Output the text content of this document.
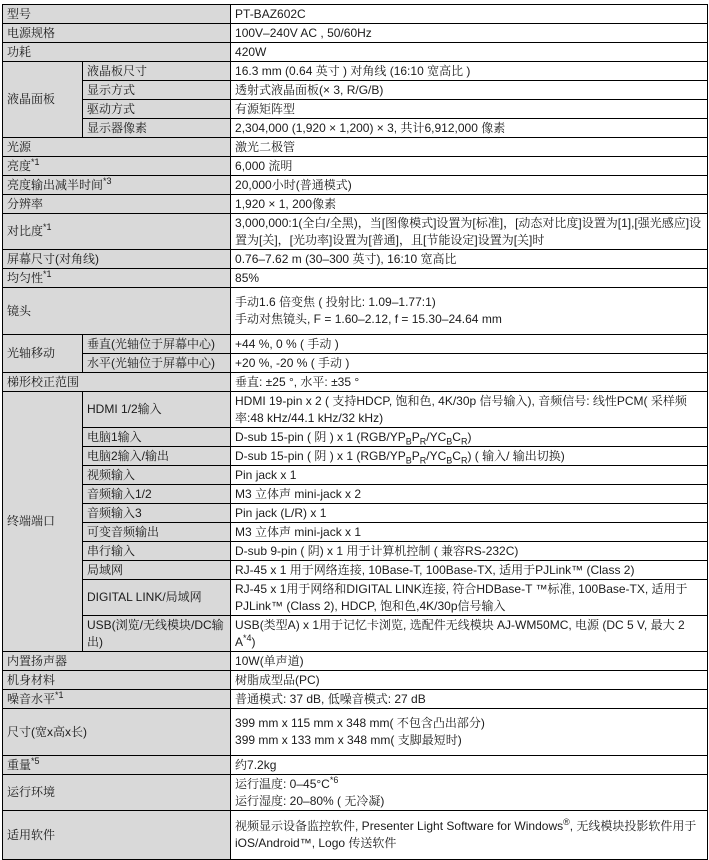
型号		PT-BAZ602C
电源规格		100V–240V AC , 50/60Hz
功耗		420W
液晶面板	液晶板尺寸	16.3 mm (0.64 英寸 ) 对角线 (16:10 宽高比 )
	显示方式	透射式液晶面板(× 3, R/G/B)
	驱动方式	有源矩阵型
	显示器像素	2,304,000 (1,920 × 1,200) × 3, 共计6,912,000 像素
光源		激光二极管
亮度$^{*1}$		6,000 流明
亮度输出减半时间$^{*3}$		20,000小时(普通模式)
分辨率		1,920 × 1, 200像素
对比度$^{*1}$		3,000,000:1(全白/全黑)，当[图像模式]设置为[标准]，[动态对比度]设置为[1],[强光感应]设置为[关]，[光功率]设置为[普通]，且[节能设定]设置为[关]时
屏幕尺寸(对角线)		0.76–7.62 m (30–300 英寸), 16:10 宽高比
均匀性$^{*1}$		85%
镜头		手动1.6 倍变焦 ( 投射比: 1.09–1.77:1)
手动对焦镜头, F = 1.60–2.12, f = 15.30–24.64 mm

光轴移动	垂直(光轴位于屏幕中心)	+44 %, 0 % ( 手动 )
	水平(光轴位于屏幕中心)	+20 %, -20 % ( 手动 )
梯形校正范围		垂直: ±25 °, 水平: ±35 °
终端端口	HDMI 1/2输入	HDMI 19-pin x 2 ( 支持HDCP, 饱和色, 4K/30p 信号输入), 音频信号: 线性PCM( 采样频率:48 kHz/44.1 kHz/32 kHz)
	电脑1输入	D-sub 15-pin ( 阴 ) x 1 $(RGB/YP_BP_R/YC_BC_R)$
	电脑2输入/输出	D-sub 15-pin ( 阴 ) x 1 $(RGB/YP_BP_R/YC_BC_R)$ ( 输入/ 输出切换)
	视频输入	Pin jack x 1
	音频输入1/2	M3 立体声 mini-jack x 2
	音频输入3	Pin jack (L/R) x 1
	可变音频输出	M3 立体声 mini-jack x 1
	串行输入	D-sub 9-pin ( 阴) x 1 用于计算机控制 ( 兼容RS-232C)
	局域网	RJ-45 x 1 用于网络连接, 10Base-T, 100Base-TX, 适用于PJLink™ (Class 2)
	DIGITAL LINK/局域网	RJ-45 x 1用于网络和DIGITAL LINK连接, 符合HDBase-T ™标准, 100Base-TX, 适用于PJLink™ (Class 2), HDCP, 饱和色,4K/30p信号输入
	USB(浏览/无线模块/DC输出)	USB(类型A) x 1用于记忆卡浏览, 选配件无线模块 AJ-WM50MC, 电源 (DC 5 V, 最大 2 $A^{*4}$)
内置扬声器		10W(单声道)
机身材料		树脂成型品(PC)
噪音水平$^{*1}$		普通模式: 37 dB, 低噪音模式: 27 dB
尺寸(宽x高x长)		399 mm x 115 mm x 348 mm( 不包含凸出部分)
399 mm x 133 mm x 348 mm( 支脚最短时)

重量$^{*5}$		约7.2kg
运行环境		运行温度: $0-45^\circ C^{*6}$
运行湿度: 20–80% ( 无冷凝)

适用软件		视频显示设备监控软件, Presenter Light Software for Windows®, 无线模块投影软件用于iOS/Android™, Logo 传送软件
